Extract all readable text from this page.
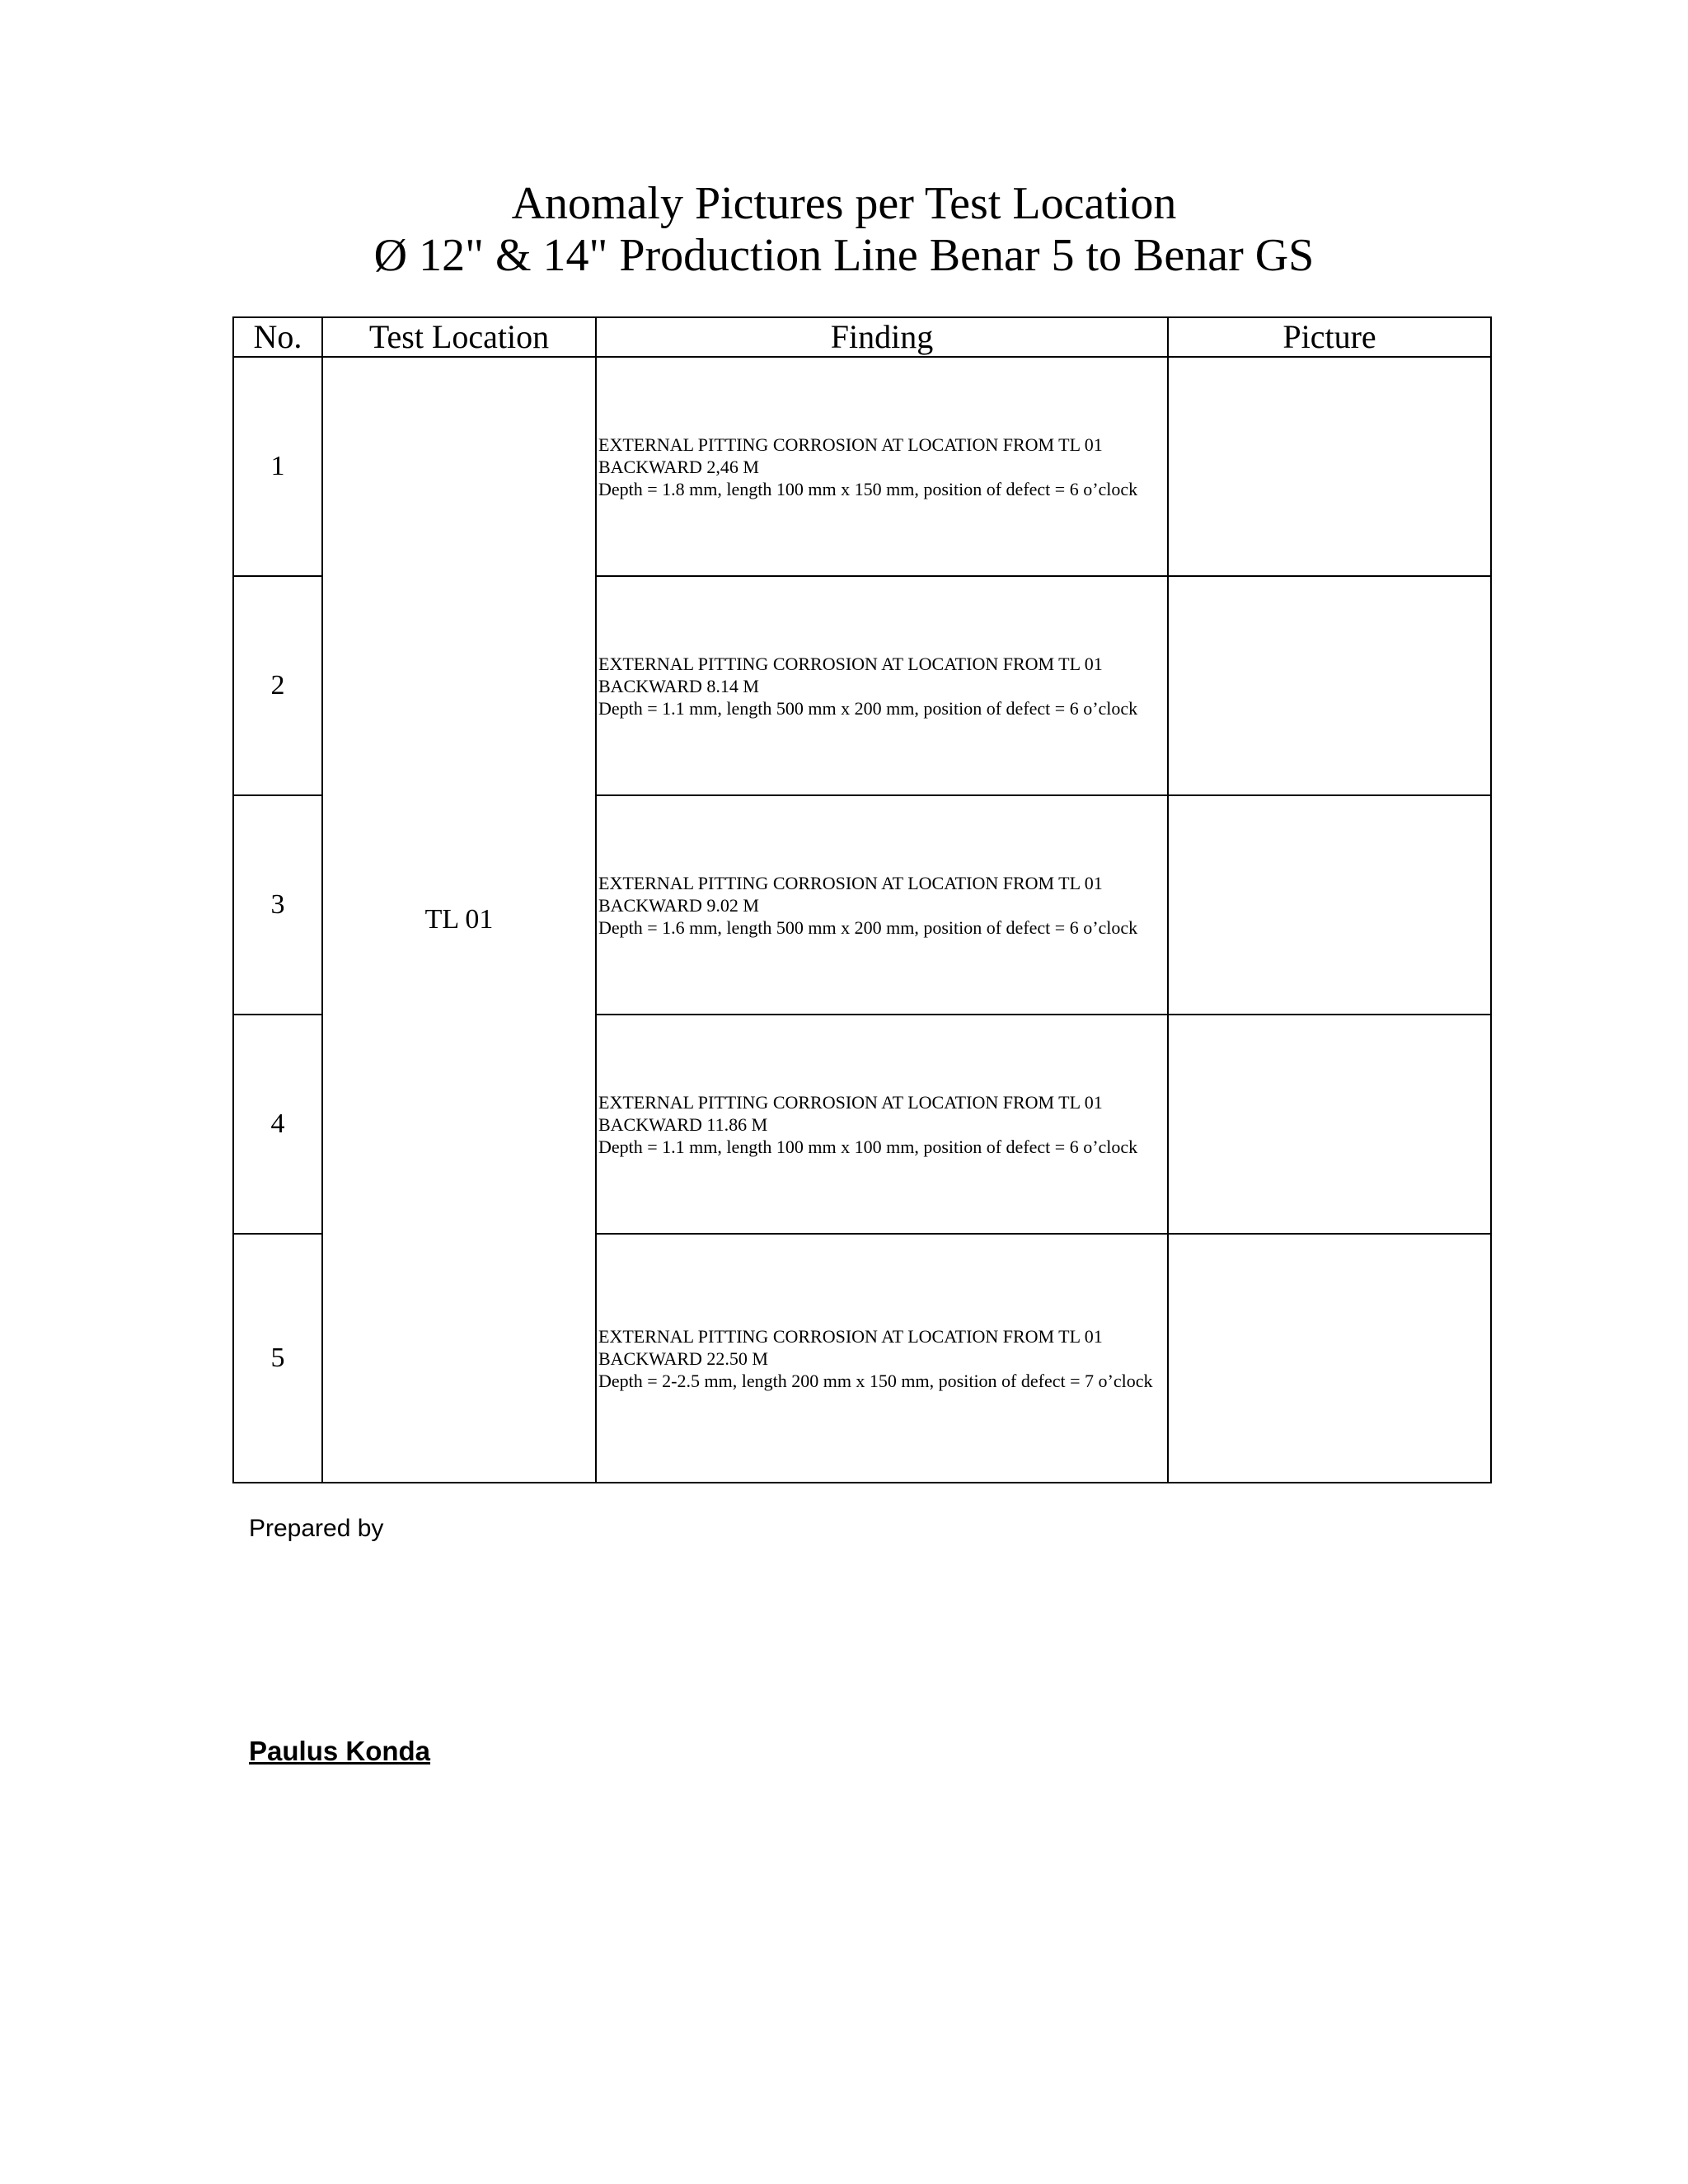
Anomaly Pictures per Test Location
Ø 12" & 14" Production Line Benar 5 to Benar GS
No.	Test Location	Finding	Picture
1	TL 01	EXTERNAL PITTING CORROSION AT LOCATION FROM TL 01
BACKWARD 2,46 M
Depth = 1.8 mm, length 100 mm x 150 mm, position of defect = 6 o’clock

2		EXTERNAL PITTING CORROSION AT LOCATION FROM TL 01
BACKWARD 8.14 M
Depth = 1.1 mm, length 500 mm x 200 mm, position of defect = 6 o’clock

3		EXTERNAL PITTING CORROSION AT LOCATION FROM TL 01
BACKWARD 9.02 M
Depth = 1.6 mm, length 500 mm x 200 mm, position of defect = 6 o’clock

4		EXTERNAL PITTING CORROSION AT LOCATION FROM TL 01
BACKWARD 11.86 M
Depth = 1.1 mm, length 100 mm x 100 mm, position of defect = 6 o’clock

5		EXTERNAL PITTING CORROSION AT LOCATION FROM TL 01
BACKWARD 22.50 M
Depth = 2-2.5 mm, length 200 mm x 150 mm, position of defect = 7 o’clock

Prepared by
Paulus Konda
